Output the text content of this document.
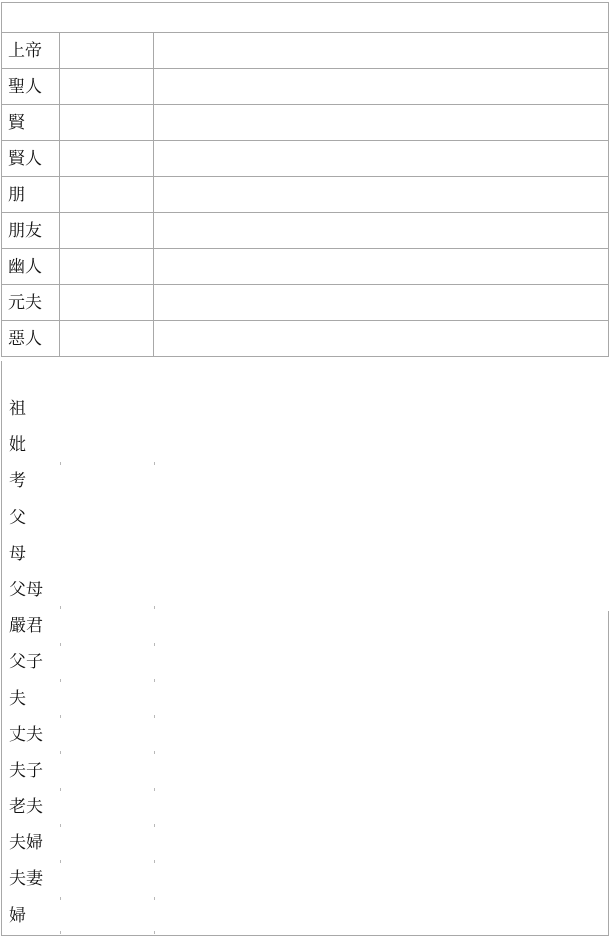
上帝		
聖人		
賢		
賢人		
朋		
朋友		
幽人		
元夫		
惡人		
祖
妣
考
父
母
父母
嚴君
父子
夫
丈夫
夫子
老夫
夫婦
夫妻
婦
